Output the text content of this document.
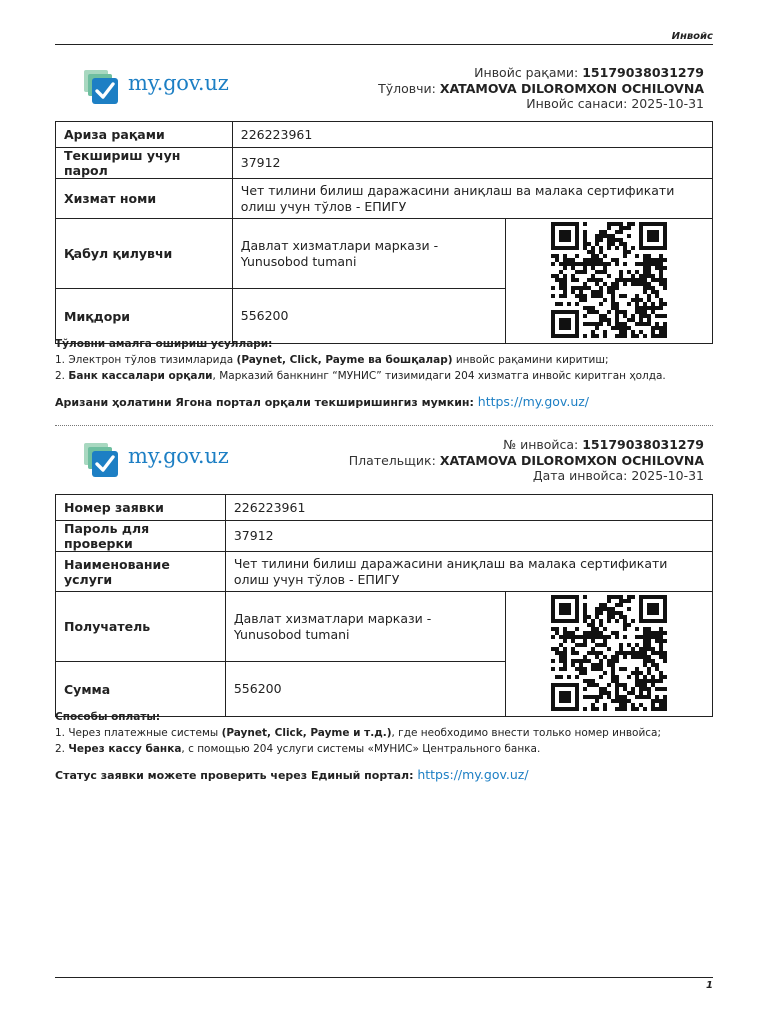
Инвойс
my.gov.uz	Инвойс рақами: 15179038031279
Тўловчи: XATAMOVA DILOROMXON OCHILOVNA
Инвойс санаси: 2025-10-31
Ариза рақами	226223961	
Текшириш учун парол	37912	
Хизмат номи	Чет тилини билиш даражасини аниқлаш ва малака сертификати олиш учун тўлов - ЕПИГУ	
Қабул қилувчи	Давлат хизматлари маркази - Yunusobod tumani	
Миқдори	556200	
Тўловни амалга ошириш усуллари:
1. Электрон тўлов тизимларида (Paynet, Click, Payme ва бошқалар) инвойс рақамини киритиш;
2. Банк кассалари орқали, Марказий банкнинг “МУНИС” тизимидаги 204 хизматга инвойс киритган ҳолда.
Аризани ҳолатини Ягона портал орқали текширишингиз мумкин: https://my.gov.uz/
my.gov.uz	№ инвойса: 15179038031279
Плательщик: XATAMOVA DILOROMXON OCHILOVNA
Дата инвойса: 2025-10-31
Номер заявки	226223961	
Пароль для проверки	37912	
Наименование услуги	Чет тилини билиш даражасини аниқлаш ва малака сертификати олиш учун тўлов - ЕПИГУ	
Получатель	Давлат хизматлари маркази - Yunusobod tumani	
Сумма	556200	
Способы оплаты:
1. Через платежные системы (Paynet, Click, Payme и т.д.), где необходимо внести только номер инвойса;
2. Через кассу банка, с помощью 204 услуги системы «МУНИС» Центрального банка.
Статус заявки можете проверить через Единый портал: https://my.gov.uz/
1
